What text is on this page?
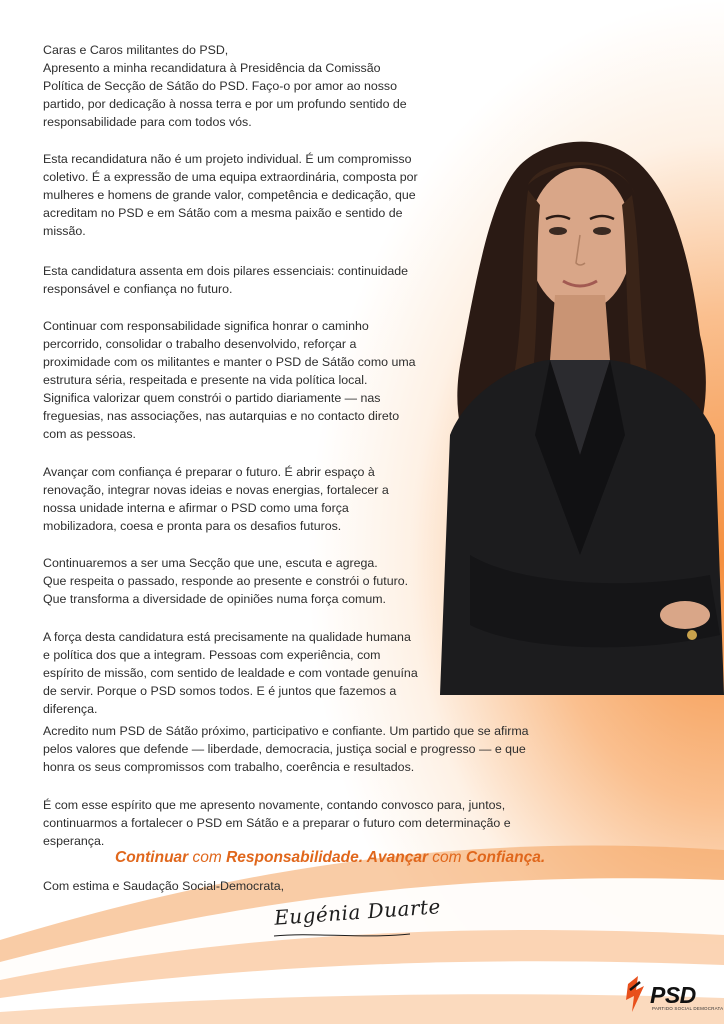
Caras e Caros militantes do PSD,

Apresento a minha recandidatura à Presidência da Comissão

Política de Secção de Sátão do PSD. Faço-o por amor ao nosso

partido, por dedicação à nossa terra e por um profundo sentido de

responsabilidade para com todos vós.

Esta recandidatura não é um projeto individual. É um compromisso

coletivo. É a expressão de uma equipa extraordinária, composta por

mulheres e homens de grande valor, competência e dedicação, que

acreditam no PSD e em Sátão com a mesma paixão e sentido de

missão.

Esta candidatura assenta em dois pilares essenciais: continuidade

responsável e confiança no futuro.

Continuar com responsabilidade significa honrar o caminho

percorrido, consolidar o trabalho desenvolvido, reforçar a

proximidade com os militantes e manter o PSD de Sátão como uma

estrutura séria, respeitada e presente na vida política local.

Significa valorizar quem constrói o partido diariamente — nas

freguesias, nas associações, nas autarquias e no contacto direto

com as pessoas.

Avançar com confiança é preparar o futuro. É abrir espaço à

renovação, integrar novas ideias e novas energias, fortalecer a

nossa unidade interna e afirmar o PSD como uma força

mobilizadora, coesa e pronta para os desafios futuros.

Continuaremos a ser uma Secção que une, escuta e agrega.

Que respeita o passado, responde ao presente e constrói o futuro.

Que transforma a diversidade de opiniões numa força comum.

A força desta candidatura está precisamente na qualidade humana

e política dos que a integram. Pessoas com experiência, com

espírito de missão, com sentido de lealdade e com vontade genuína

de servir. Porque o PSD somos todos. E é juntos que fazemos a

diferença.

Acredito num PSD de Sátão próximo, participativo e confiante. Um partido que se afirma

pelos valores que defende — liberdade, democracia, justiça social e progresso — e que

honra os seus compromissos com trabalho, coerência e resultados.

É com esse espírito que me apresento novamente, contando convosco para, juntos,

continuarmos a fortalecer o PSD em Sátão e a preparar o futuro com determinação e

esperança.

Continuar com Responsabilidade. Avançar com Confiança.

Com estima e Saudação Social-Democrata,

Eugénia Duarte
PSD
PARTIDO SOCIAL DEMOCRATA
